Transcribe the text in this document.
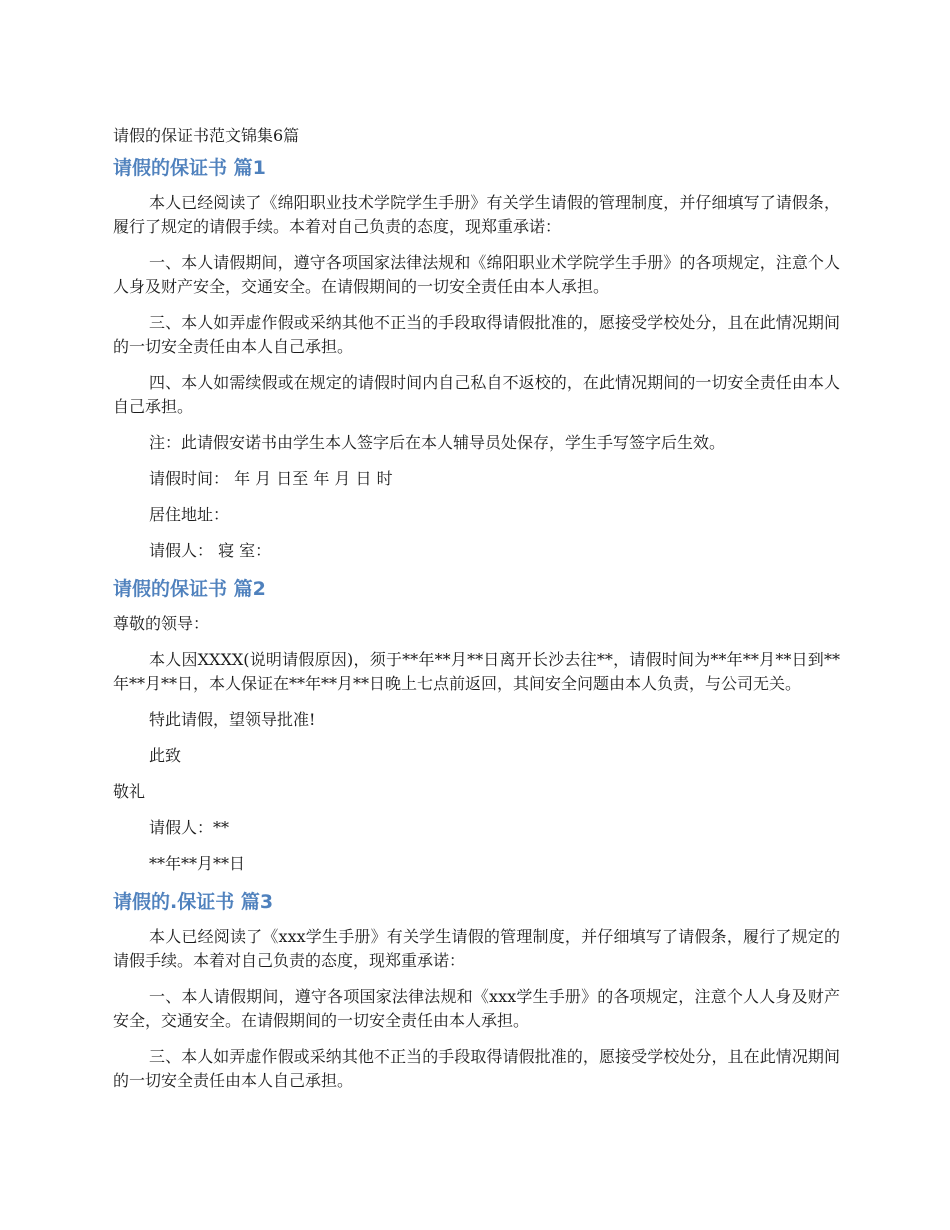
请假的保证书范文锦集6篇

请假的保证书 篇1

本人已经阅读了《绵阳职业技术学院学生手册》有关学生请假的管理制度，并仔细填写了请假条，履行了规定的请假手续。本着对自己负责的态度，现郑重承诺：

一、本人请假期间，遵守各项国家法律法规和《绵阳职业术学院学生手册》的各项规定，注意个人人身及财产安全，交通安全。在请假期间的一切安全责任由本人承担。

三、本人如弄虚作假或采纳其他不正当的手段取得请假批准的，愿接受学校处分，且在此情况期间的一切安全责任由本人自己承担。

四、本人如需续假或在规定的请假时间内自己私自不返校的，在此情况期间的一切安全责任由本人自己承担。

注：此请假安诺书由学生本人签字后在本人辅导员处保存，学生手写签字后生效。

请假时间： 年 月 日至 年 月 日 时

居住地址：

请假人： 寝 室：

请假的保证书 篇2

尊敬的领导：

本人因XXXX(说明请假原因)，须于**年**月**日离开长沙去往**，请假时间为**年**月**日到**年**月**日，本人保证在**年**月**日晚上七点前返回，其间安全问题由本人负责，与公司无关。

特此请假，望领导批准!

此致

敬礼

请假人：**

**年**月**日

请假的.保证书 篇3

本人已经阅读了《xxx学生手册》有关学生请假的管理制度，并仔细填写了请假条，履行了规定的请假手续。本着对自己负责的态度，现郑重承诺：

一、本人请假期间，遵守各项国家法律法规和《xxx学生手册》的各项规定，注意个人人身及财产安全，交通安全。在请假期间的一切安全责任由本人承担。

三、本人如弄虚作假或采纳其他不正当的手段取得请假批准的，愿接受学校处分，且在此情况期间的一切安全责任由本人自己承担。
